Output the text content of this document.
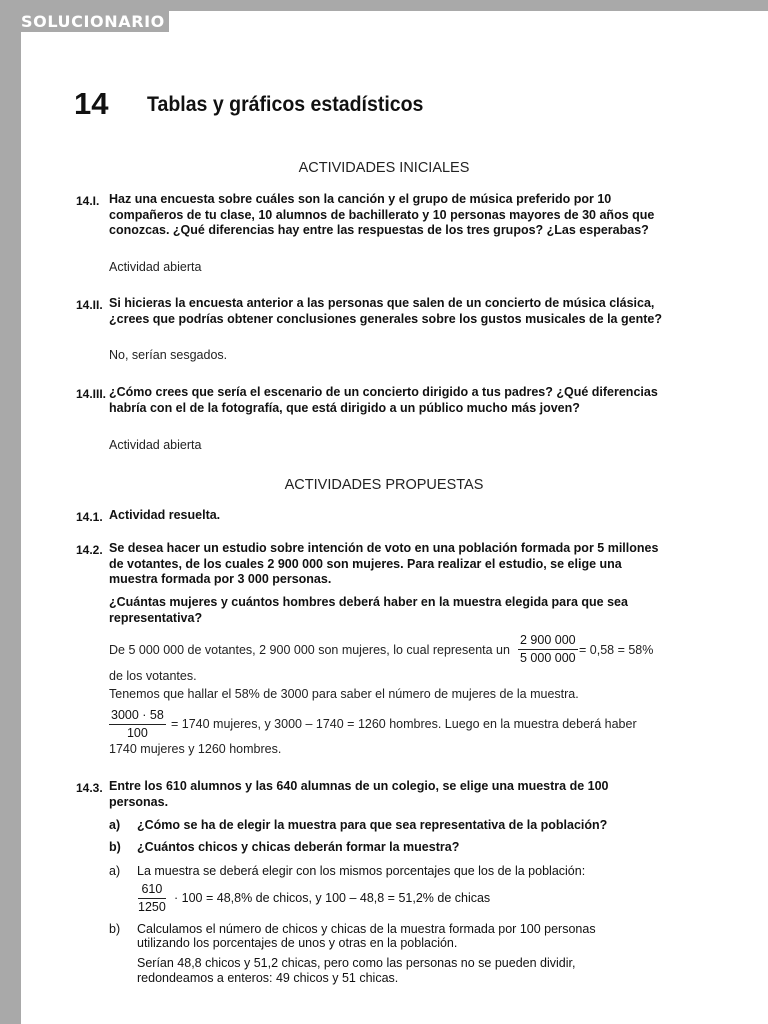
SOLUCIONARIO
14 Tablas y gráficos estadísticos
ACTIVIDADES INICIALES
14.I. Haz una encuesta sobre cuáles son la canción y el grupo de música preferido por 10 compañeros de tu clase, 10 alumnos de bachillerato y 10 personas mayores de 30 años que conozcas. ¿Qué diferencias hay entre las respuestas de los tres grupos? ¿Las esperabas?
Actividad abierta
14.II. Si hicieras la encuesta anterior a las personas que salen de un concierto de música clásica, ¿crees que podrías obtener conclusiones generales sobre los gustos musicales de la gente?
No, serían sesgados.
14.III. ¿Cómo crees que sería el escenario de un concierto dirigido a tus padres? ¿Qué diferencias habría con el de la fotografía, que está dirigido a un público mucho más joven?
Actividad abierta
ACTIVIDADES PROPUESTAS
14.1. Actividad resuelta.
14.2. Se desea hacer un estudio sobre intención de voto en una población formada por 5 millones de votantes, de los cuales 2 900 000 son mujeres. Para realizar el estudio, se elige una muestra formada por 3 000 personas.
¿Cuántas mujeres y cuántos hombres deberá haber en la muestra elegida para que sea representativa?
De 5 000 000 de votantes, 2 900 000 son mujeres, lo cual representa un $\frac{2 900 000}{5 000 000} = 0,58 = 58\%$
de los votantes.
Tenemos que hallar el 58% de 3000 para saber el número de mujeres de la muestra.
$\frac{3000 \cdot 58}{100} = 1740$ mujeres, y 3000 – 1740 = 1260 hombres. Luego en la muestra deberá haber
1740 mujeres y 1260 hombres.
14.3. Entre los 610 alumnos y las 640 alumnas de un colegio, se elige una muestra de 100 personas.
a) ¿Cómo se ha de elegir la muestra para que sea representativa de la población?
b) ¿Cuántos chicos y chicas deberán formar la muestra?
a) La muestra se deberá elegir con los mismos porcentajes que los de la población:
$\frac{610}{1250} \cdot 100 = 48,8\%$ de chicos, y 100 – 48,8 = 51,2% de chicas
b) Calculamos el número de chicos y chicas de la muestra formada por 100 personas
utilizando los porcentajes de unos y otras en la población.
Serían 48,8 chicos y 51,2 chicas, pero como las personas no se pueden dividir,
redondeamos a enteros: 49 chicos y 51 chicas.
